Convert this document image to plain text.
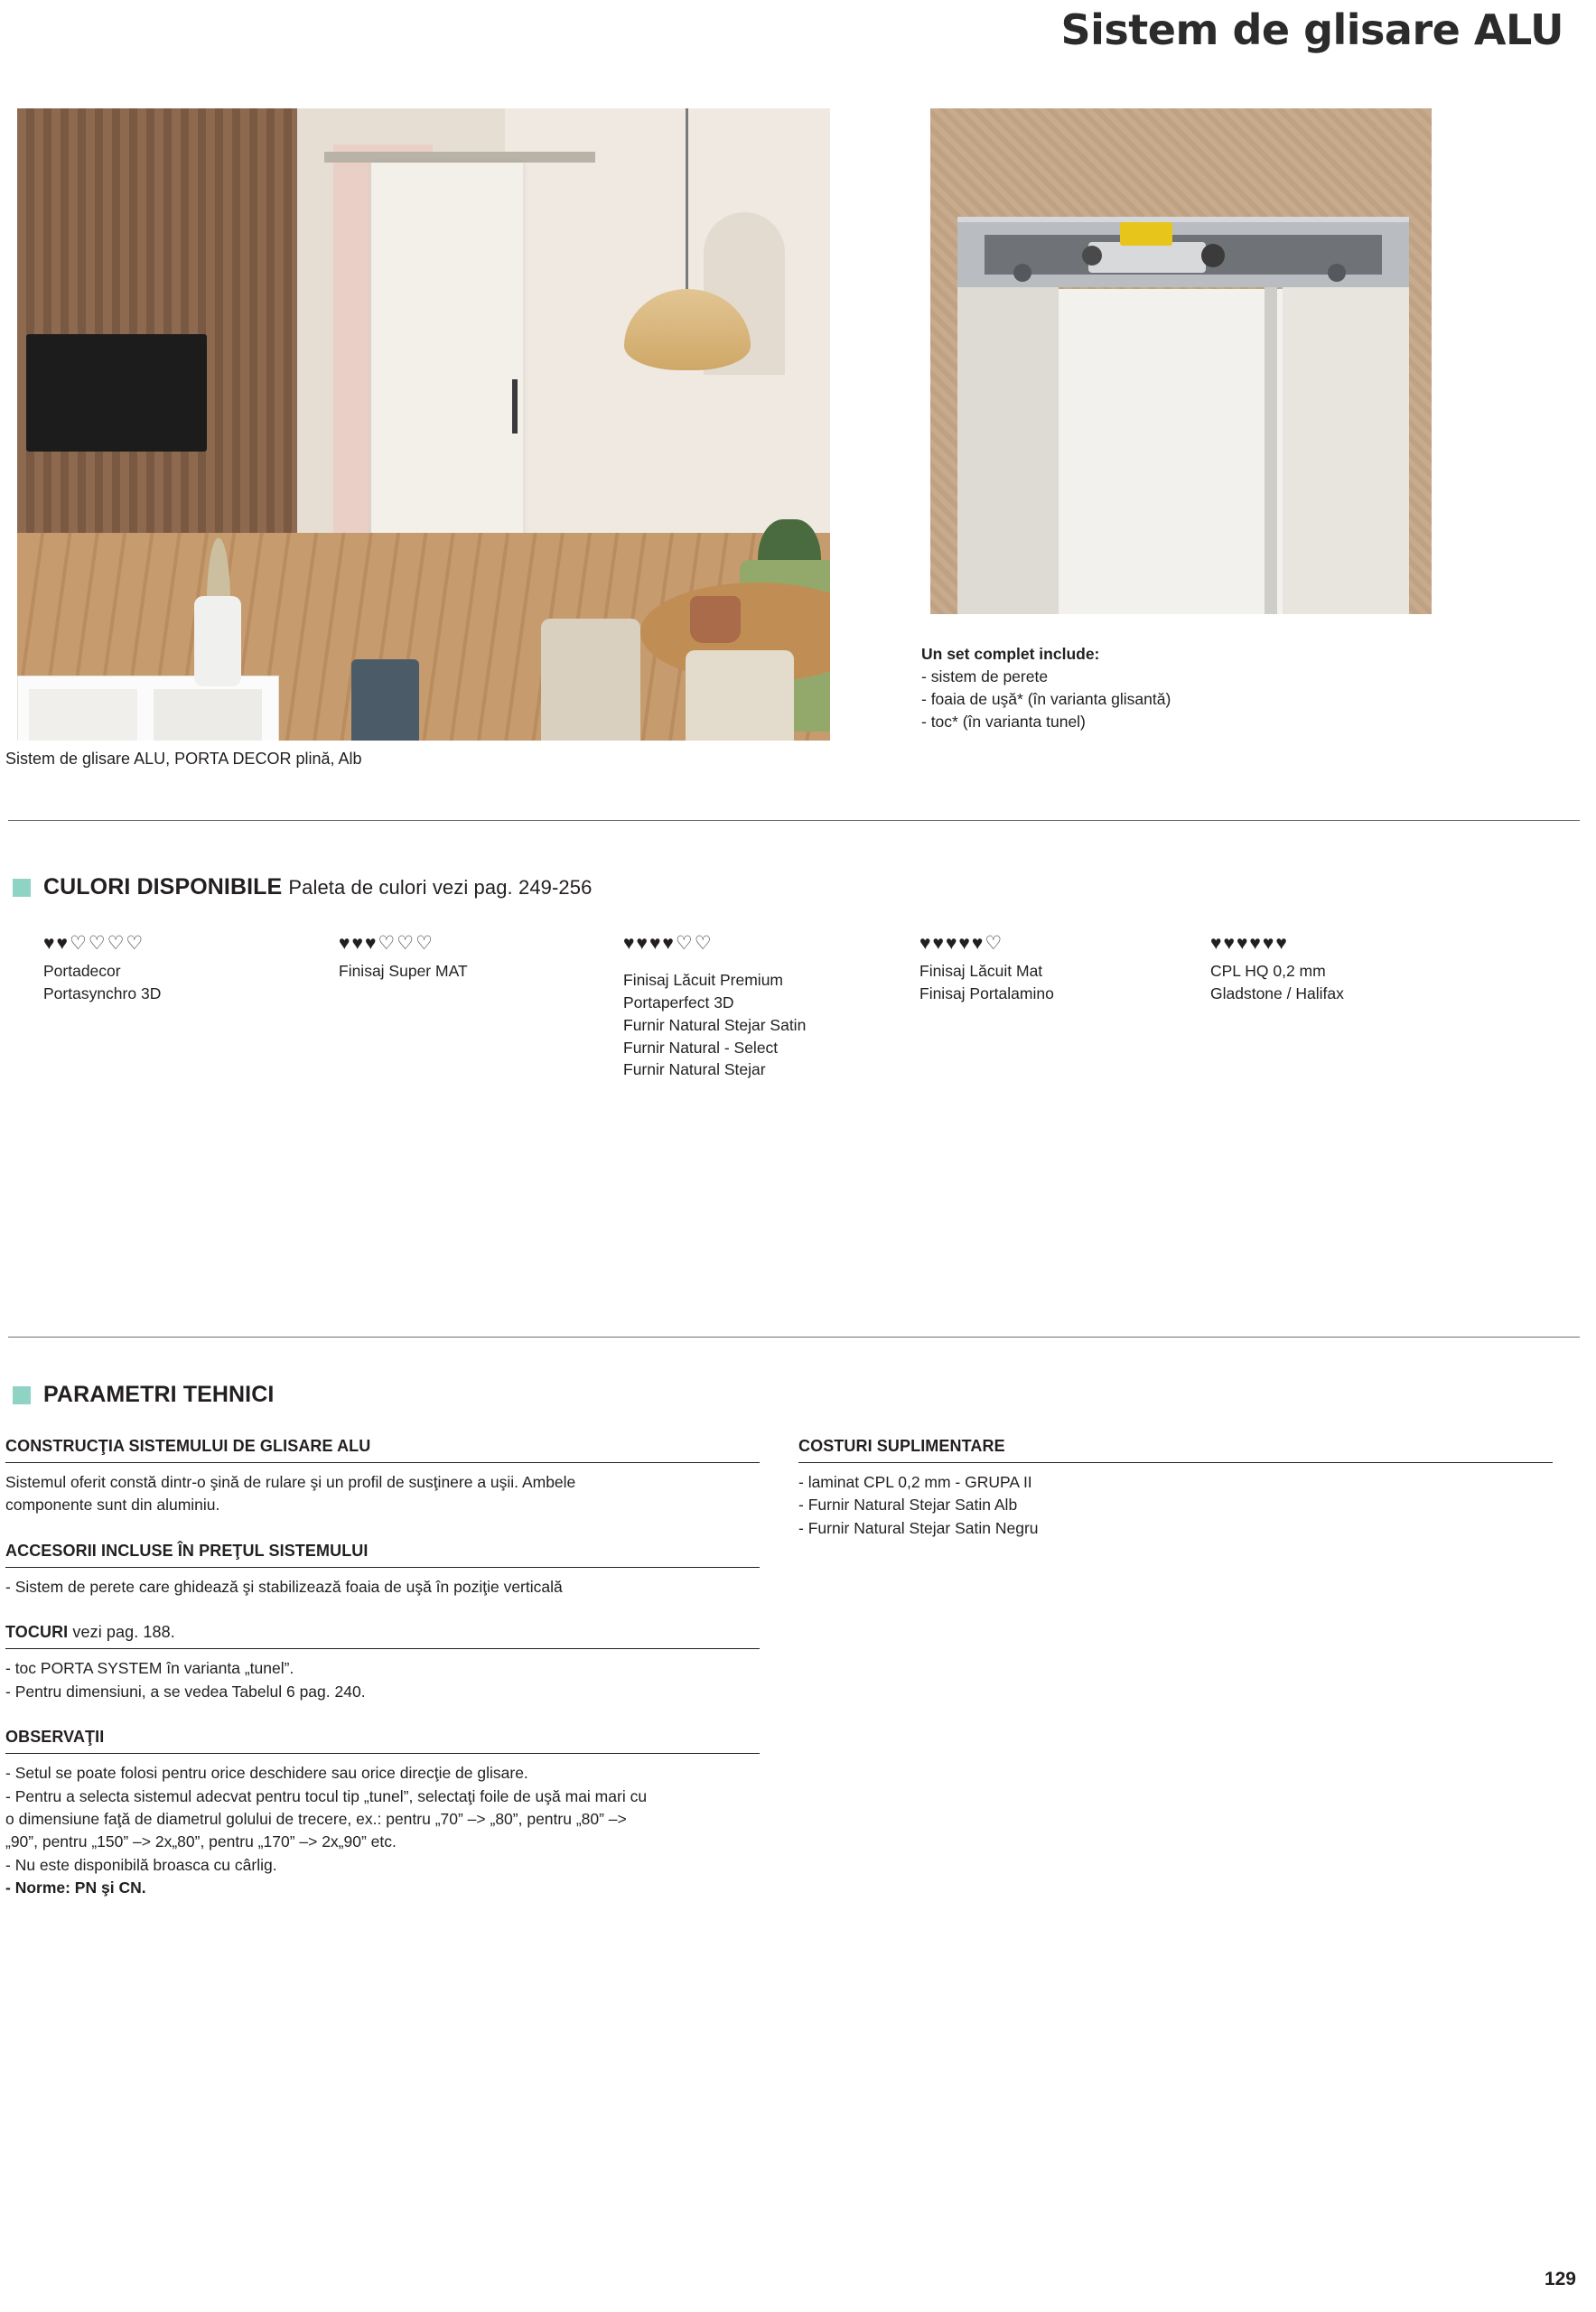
Sistem de glisare ALU
Sistem de glisare ALU, PORTA DECOR plină, Alb
Un set complet include:
- sistem de perete
- foaia de uşă* (în varianta glisantă)
- toc* (în varianta tunel)
CULORI DISPONIBILE Paleta de culori vezi pag. 249-256
♥♥♡♡♡♡
Portadecor
Portasynchro 3D
♥♥♥♡♡♡
Finisaj Super MAT
♥♥♥♥♡♡
Finisaj Lăcuit Premium
Portaperfect 3D
Furnir Natural Stejar Satin
Furnir Natural - Select
Furnir Natural Stejar
♥♥♥♥♥♡
Finisaj Lăcuit Mat
Finisaj Portalamino
♥♥♥♥♥♥
CPL HQ 0,2 mm
Gladstone / Halifax
PARAMETRI TEHNICI
CONSTRUCŢIA SISTEMULUI DE GLISARE ALU

Sistemul oferit constă dintr-o şină de rulare şi un profil de susţinere a uşii. Ambele

componente sunt din aluminiu.

ACCESORII INCLUSE ÎN PREŢUL SISTEMULUI

- Sistem de perete care ghidează şi stabilizează foaia de uşă în poziţie verticală

TOCURI vezi pag. 188.

- toc PORTA SYSTEM în varianta „tunel”.

- Pentru dimensiuni, a se vedea Tabelul 6 pag. 240.

OBSERVAŢII

- Setul se poate folosi pentru orice deschidere sau orice direcţie de glisare.

- Pentru a selecta sistemul adecvat pentru tocul tip „tunel”, selectaţi foile de uşă mai mari cu

o dimensiune faţă de diametrul golului de trecere, ex.: pentru „70” –> „80”, pentru „80” –>

„90”, pentru „150” –> 2x„80”, pentru „170” –> 2x„90” etc.

- Nu este disponibilă broasca cu cârlig.

- Norme: PN şi CN.

COSTURI SUPLIMENTARE

- laminat CPL 0,2 mm - GRUPA II

- Furnir Natural Stejar Satin Alb

- Furnir Natural Stejar Satin Negru

129
